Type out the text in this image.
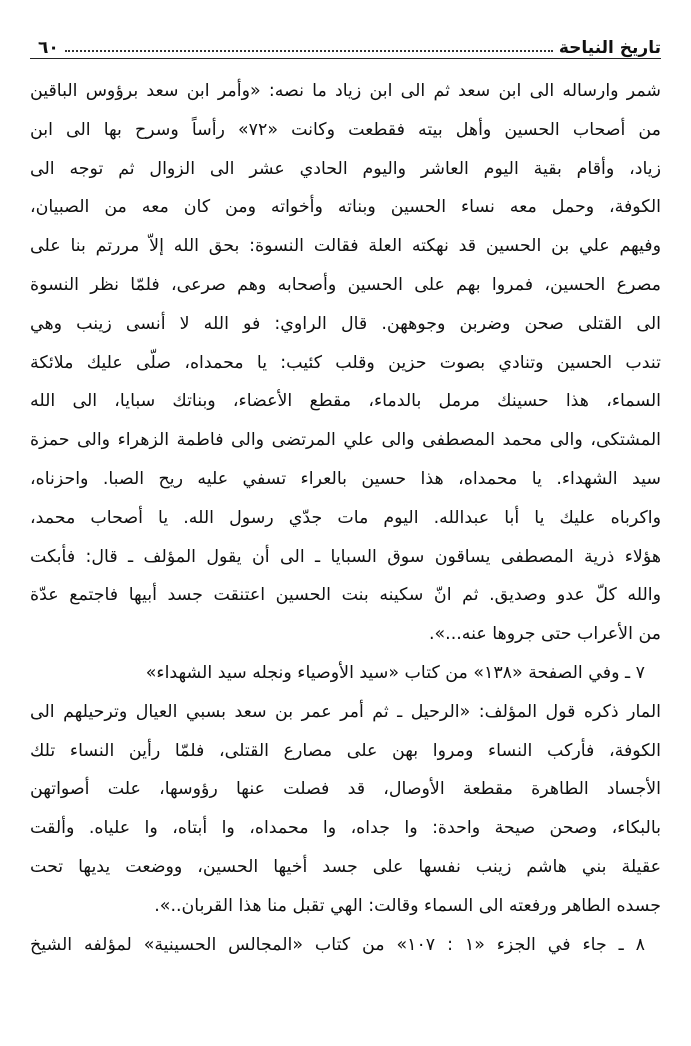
تاريخ النياحة
٦٠
شمر وارساله الى ابن سعد ثم الى ابن زياد ما نصه: «وأمر ابن سعد برؤوس الباقين
من أصحاب الحسين وأهل بيته فقطعت وكانت «٧٢» رأساً وسرح بها الى ابن
زياد، وأقام بقية اليوم العاشر واليوم الحادي عشر الى الزوال ثم توجه الى
الكوفة، وحمل معه نساء الحسين وبناته وأخواته ومن كان معه من الصبيان،
وفيهم علي بن الحسين قد نهكته العلة فقالت النسوة: بحق الله إلاّ مررتم بنا على
مصرع الحسين، فمروا بهم على الحسين وأصحابه وهم صرعى، فلمّا نظر النسوة
الى القتلى صحن وضربن وجوههن. قال الراوي: فو الله لا أنسى زينب وهي
تندب الحسين وتنادي بصوت حزين وقلب كئيب: يا محمداه، صلّى عليك ملائكة
السماء، هذا حسينك مرمل بالدماء، مقطع الأعضاء، وبناتك سبايا، الى الله
المشتكى، والى محمد المصطفى والى علي المرتضى والى فاطمة الزهراء والى حمزة
سيد الشهداء. يا محمداه، هذا حسين بالعراء تسفي عليه ريح الصبا. واحزناه،
واكرباه عليك يا أبا عبدالله. اليوم مات جدّي رسول الله. يا أصحاب محمد،
هؤلاء ذرية المصطفى يساقون سوق السبايا ـ الى أن يقول المؤلف ـ قال: فأبكت
والله كلّ عدو وصديق. ثم انّ سكينه بنت الحسين اعتنقت جسد أبيها فاجتمع عدّة
من الأعراب حتى جروها عنه...».
٧ ـ وفي الصفحة «١٣٨» من كتاب «سيد الأوصياء ونجله سيد الشهداء»
المار ذكره قول المؤلف: «الرحيل ـ ثم أمر عمر بن سعد بسبي العيال وترحيلهم الى
الكوفة، فأركب النساء ومروا بهن على مصارع القتلى، فلمّا رأين النساء تلك
الأجساد الطاهرة مقطعة الأوصال، قد فصلت عنها رؤوسها، علت أصواتهن
بالبكاء، وصحن صيحة واحدة: وا جداه، وا محمداه، وا أبتاه، وا علياه. وألقت
عقيلة بني هاشم زينب نفسها على جسد أخيها الحسين، ووضعت يديها تحت
جسده الطاهر ورفعته الى السماء وقالت: الهي تقبل منا هذا القربان..».
٨ ـ جاء في الجزء «١ : ١٠٧» من كتاب «المجالس الحسينية» لمؤلفه الشيخ
